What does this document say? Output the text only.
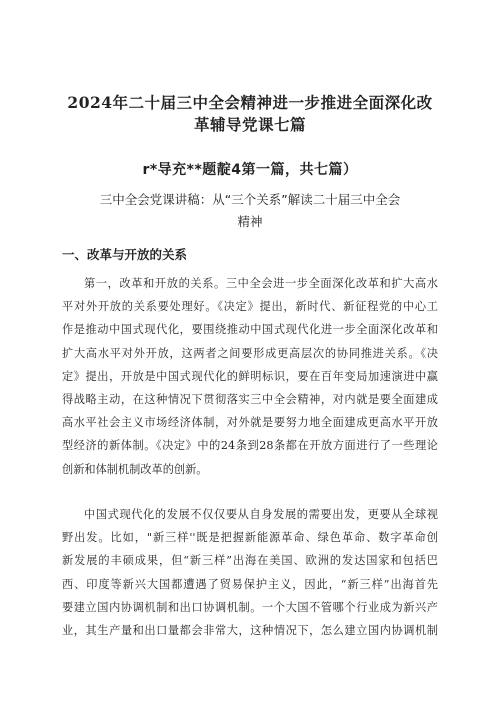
2024年二十届三中全会精神进一步推进全面深化改
革辅导党课七篇

r*导充**题靛4第一篇，共七篇）

三中全会党课讲稿：从“三个关系”解读二十届三中全会

精神

一、改革与开放的关系
第一，改革和开放的关系。三中全会进一步全面深化改革和扩大高水
平对外开放的关系要处理好。《决定》提出，新时代、新征程党的中心工
作是推动中国式现代化，要围绕推动中国式现代化进一步全面深化改革和
扩大高水平对外开放，这两者之间要形成更高层次的协同推进关系。《决
定》提出，开放是中国式现代化的鲜明标识，要在百年变局加速演进中赢
得战略主动，在这种情况下贯彻落实三中全会精神，对内就是要全面建成
高水平社会主义市场经济体制，对外就是要努力地全面建成更高水平开放
型经济的新体制。《决定》中的24条到28条都在开放方面进行了一些理论
创新和体制机制改革的创新。
中国式现代化的发展不仅仅要从自身发展的需要出发，更要从全球视
野出发。比如，"新三样''既是把握新能源革命、绿色革命、数字革命创
新发展的丰硕成果，但“新三样”出海在美国、欧洲的发达国家和包括巴
西、印度等新兴大国都遭遇了贸易保护主义，因此，“新三样”出海首先
要建立国内协调机制和出口协调机制。一个大国不管哪个行业成为新兴产
业，其生产量和出口量都会非常大，这种情况下，怎么建立国内协调机制
